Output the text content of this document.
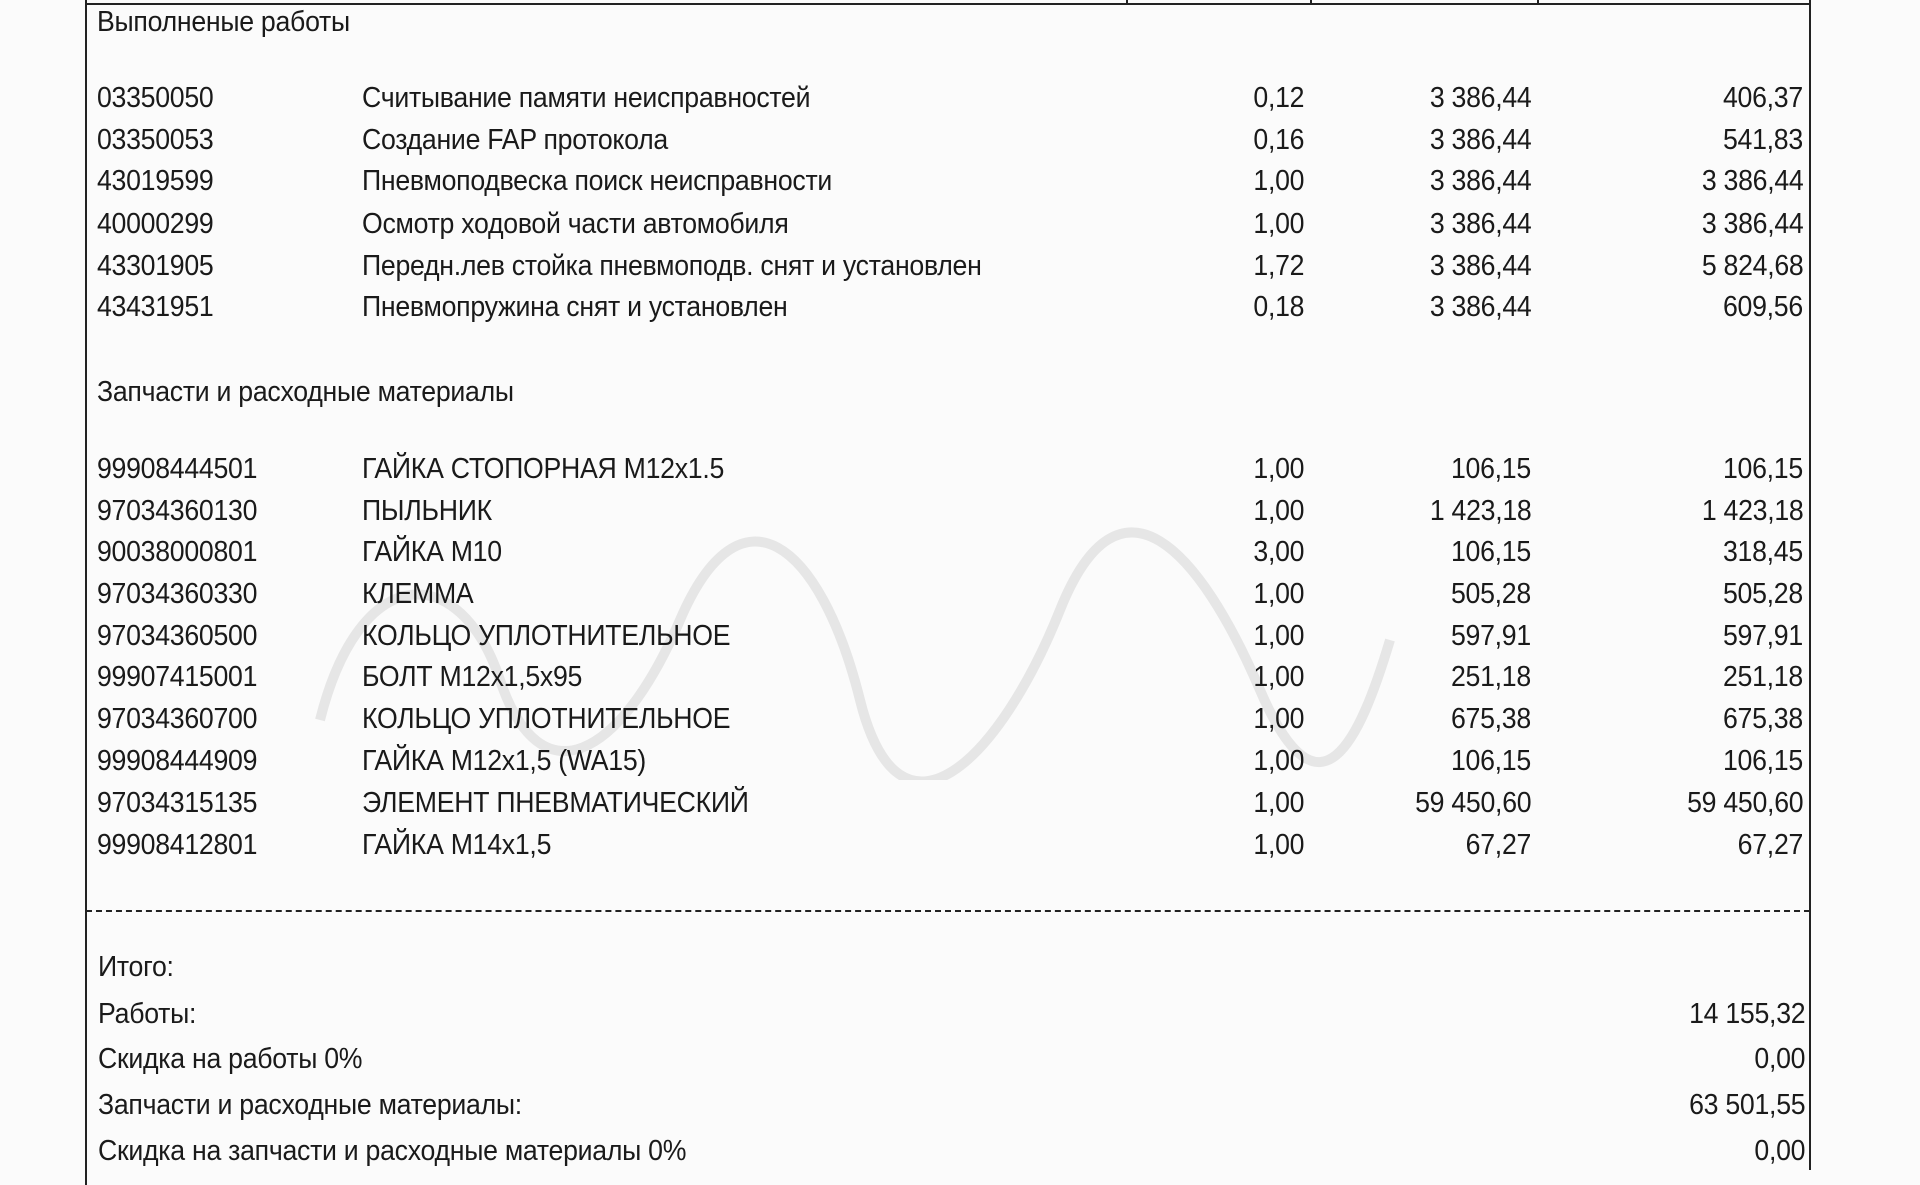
Выполненые работы
03350050	Считывание памяти неисправностей	0,12	3 386,44	406,37
03350053	Создание FAP протокола	0,16	3 386,44	541,83
43019599	Пневмоподвеска поиск неисправности	1,00	3 386,44	3 386,44
40000299	Осмотр ходовой части автомобиля	1,00	3 386,44	3 386,44
43301905	Передн.лев стойка пневмоподв. снят и установлен	1,72	3 386,44	5 824,68
43431951	Пневмопружина снят и установлен	0,18	3 386,44	609,56
Запчасти и расходные материалы
99908444501	ГАЙКА СТОПОРНАЯ M12x1.5	1,00	106,15	106,15
97034360130	ПЫЛЬНИК	1,00	1 423,18	1 423,18
90038000801	ГАЙКА M10	3,00	106,15	318,45
97034360330	КЛЕММА	1,00	505,28	505,28
97034360500	КОЛЬЦО УПЛОТНИТЕЛЬНОЕ	1,00	597,91	597,91
99907415001	БОЛТ M12x1,5x95	1,00	251,18	251,18
97034360700	КОЛЬЦО УПЛОТНИТЕЛЬНОЕ	1,00	675,38	675,38
99908444909	ГАЙКА M12x1,5 (WA15)	1,00	106,15	106,15
97034315135	ЭЛЕМЕНТ ПНЕВМАТИЧЕСКИЙ	1,00	59 450,60	59 450,60
99908412801	ГАЙКА M14x1,5	1,00	67,27	67,27
Итого:
Работы:	14 155,32
Скидка на работы 0%	0,00
Запчасти и расходные материалы:	63 501,55
Скидка на запчасти и расходные материалы 0%	0,00
